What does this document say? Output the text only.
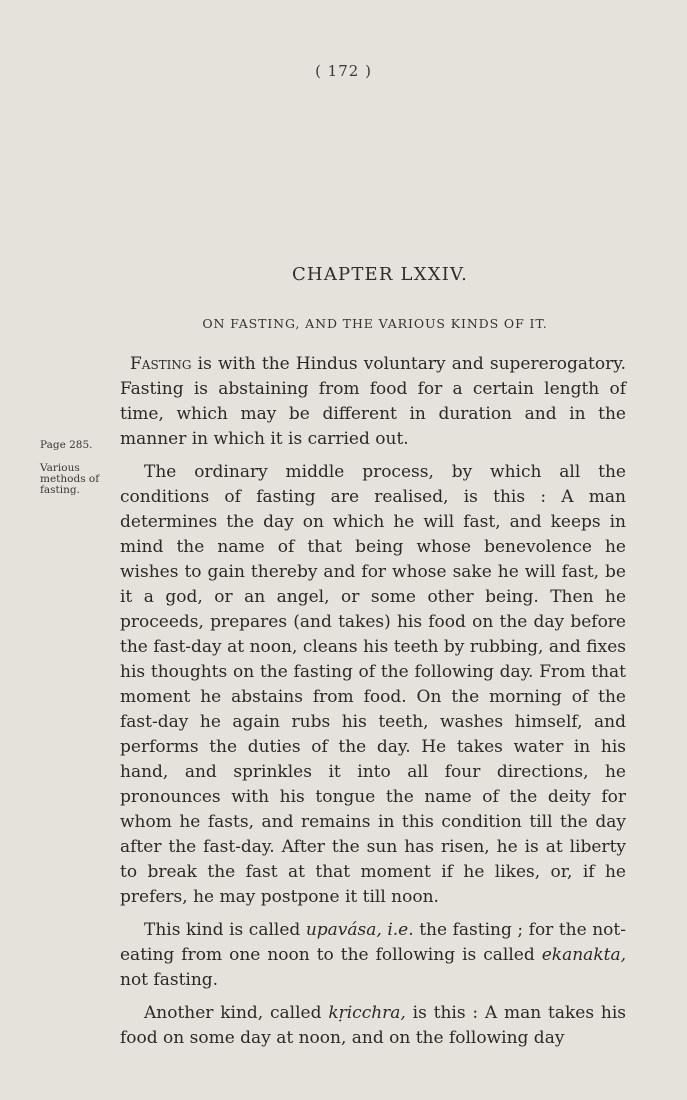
( 172 )
CHAPTER LXXIV.
ON FASTING, AND THE VARIOUS KINDS OF IT.
Page 285.
Various methods of fasting.

Fasting is with the Hindus voluntary and supererogatory. Fasting is abstaining from food for a certain length of time, which may be different in duration and in the manner in which it is carried out.

The ordinary middle process, by which all the conditions of fasting are realised, is this : A man determines the day on which he will fast, and keeps in mind the name of that being whose benevolence he wishes to gain thereby and for whose sake he will fast, be it a god, or an angel, or some other being. Then he proceeds, prepares (and takes) his food on the day before the fast-day at noon, cleans his teeth by rubbing, and fixes his thoughts on the fasting of the following day. From that moment he abstains from food. On the morning of the fast-day he again rubs his teeth, washes himself, and performs the duties of the day. He takes water in his hand, and sprinkles it into all four directions, he pronounces with his tongue the name of the deity for whom he fasts, and remains in this condition till the day after the fast-day. After the sun has risen, he is at liberty to break the fast at that moment if he likes, or, if he prefers, he may postpone it till noon.

This kind is called upavása, i.e. the fasting ; for the not-eating from one noon to the following is called ekanakta, not fasting.

Another kind, called kṛicchra, is this : A man takes his food on some day at noon, and on the following day
